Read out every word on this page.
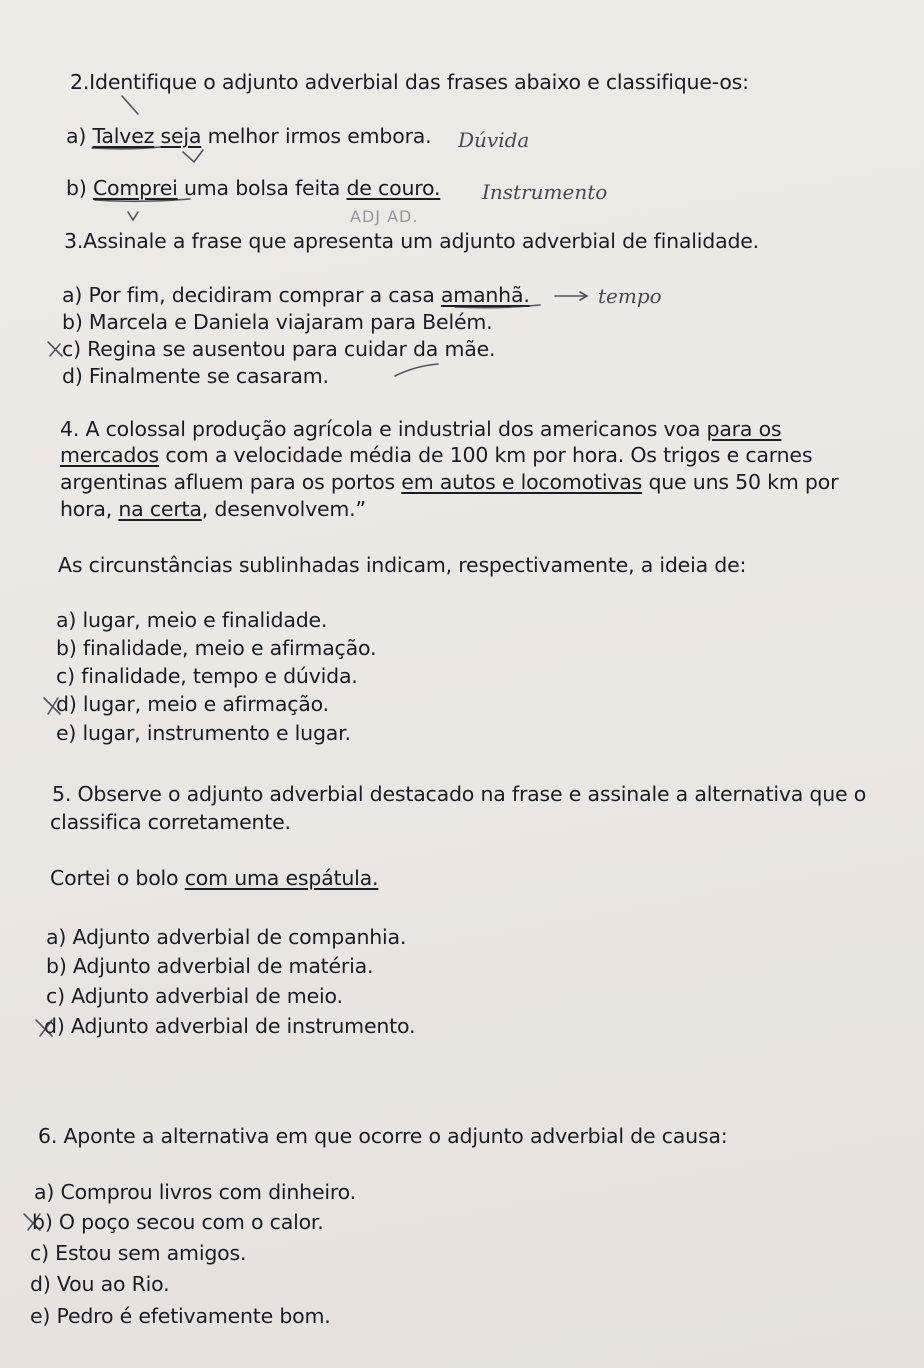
2.Identifique o adjunto adverbial das frases abaixo e classifique-os:
a) Talvez seja melhor irmos embora. Dúvida
b) Comprei uma bolsa feita de couro. Instrumento
ADJ AD.
3.Assinale a frase que apresenta um adjunto adverbial de finalidade.
a) Por fim, decidiram comprar a casa amanhã.	tempo
b) Marcela e Daniela viajaram para Belém.
c) Regina se ausentou para cuidar da mãe.
d) Finalmente se casaram.
4. A colossal produção agrícola e industrial dos americanos voa para os
mercados com a velocidade média de 100 km por hora. Os trigos e carnes
argentinas afluem para os portos em autos e locomotivas que uns 50 km por
hora, na certa, desenvolvem.”
As circunstâncias sublinhadas indicam, respectivamente, a ideia de:
a) lugar, meio e finalidade.
b) finalidade, meio e afirmação.
c) finalidade, tempo e dúvida.
d) lugar, meio e afirmação.
e) lugar, instrumento e lugar.
5. Observe o adjunto adverbial destacado na frase e assinale a alternativa que o
classifica corretamente.
Cortei o bolo com uma espátula.
a) Adjunto adverbial de companhia.
b) Adjunto adverbial de matéria.
c) Adjunto adverbial de meio.
d) Adjunto adverbial de instrumento.
6. Aponte a alternativa em que ocorre o adjunto adverbial de causa:
a) Comprou livros com dinheiro.
b) O poço secou com o calor.
c) Estou sem amigos.
d) Vou ao Rio.
e) Pedro é efetivamente bom.
